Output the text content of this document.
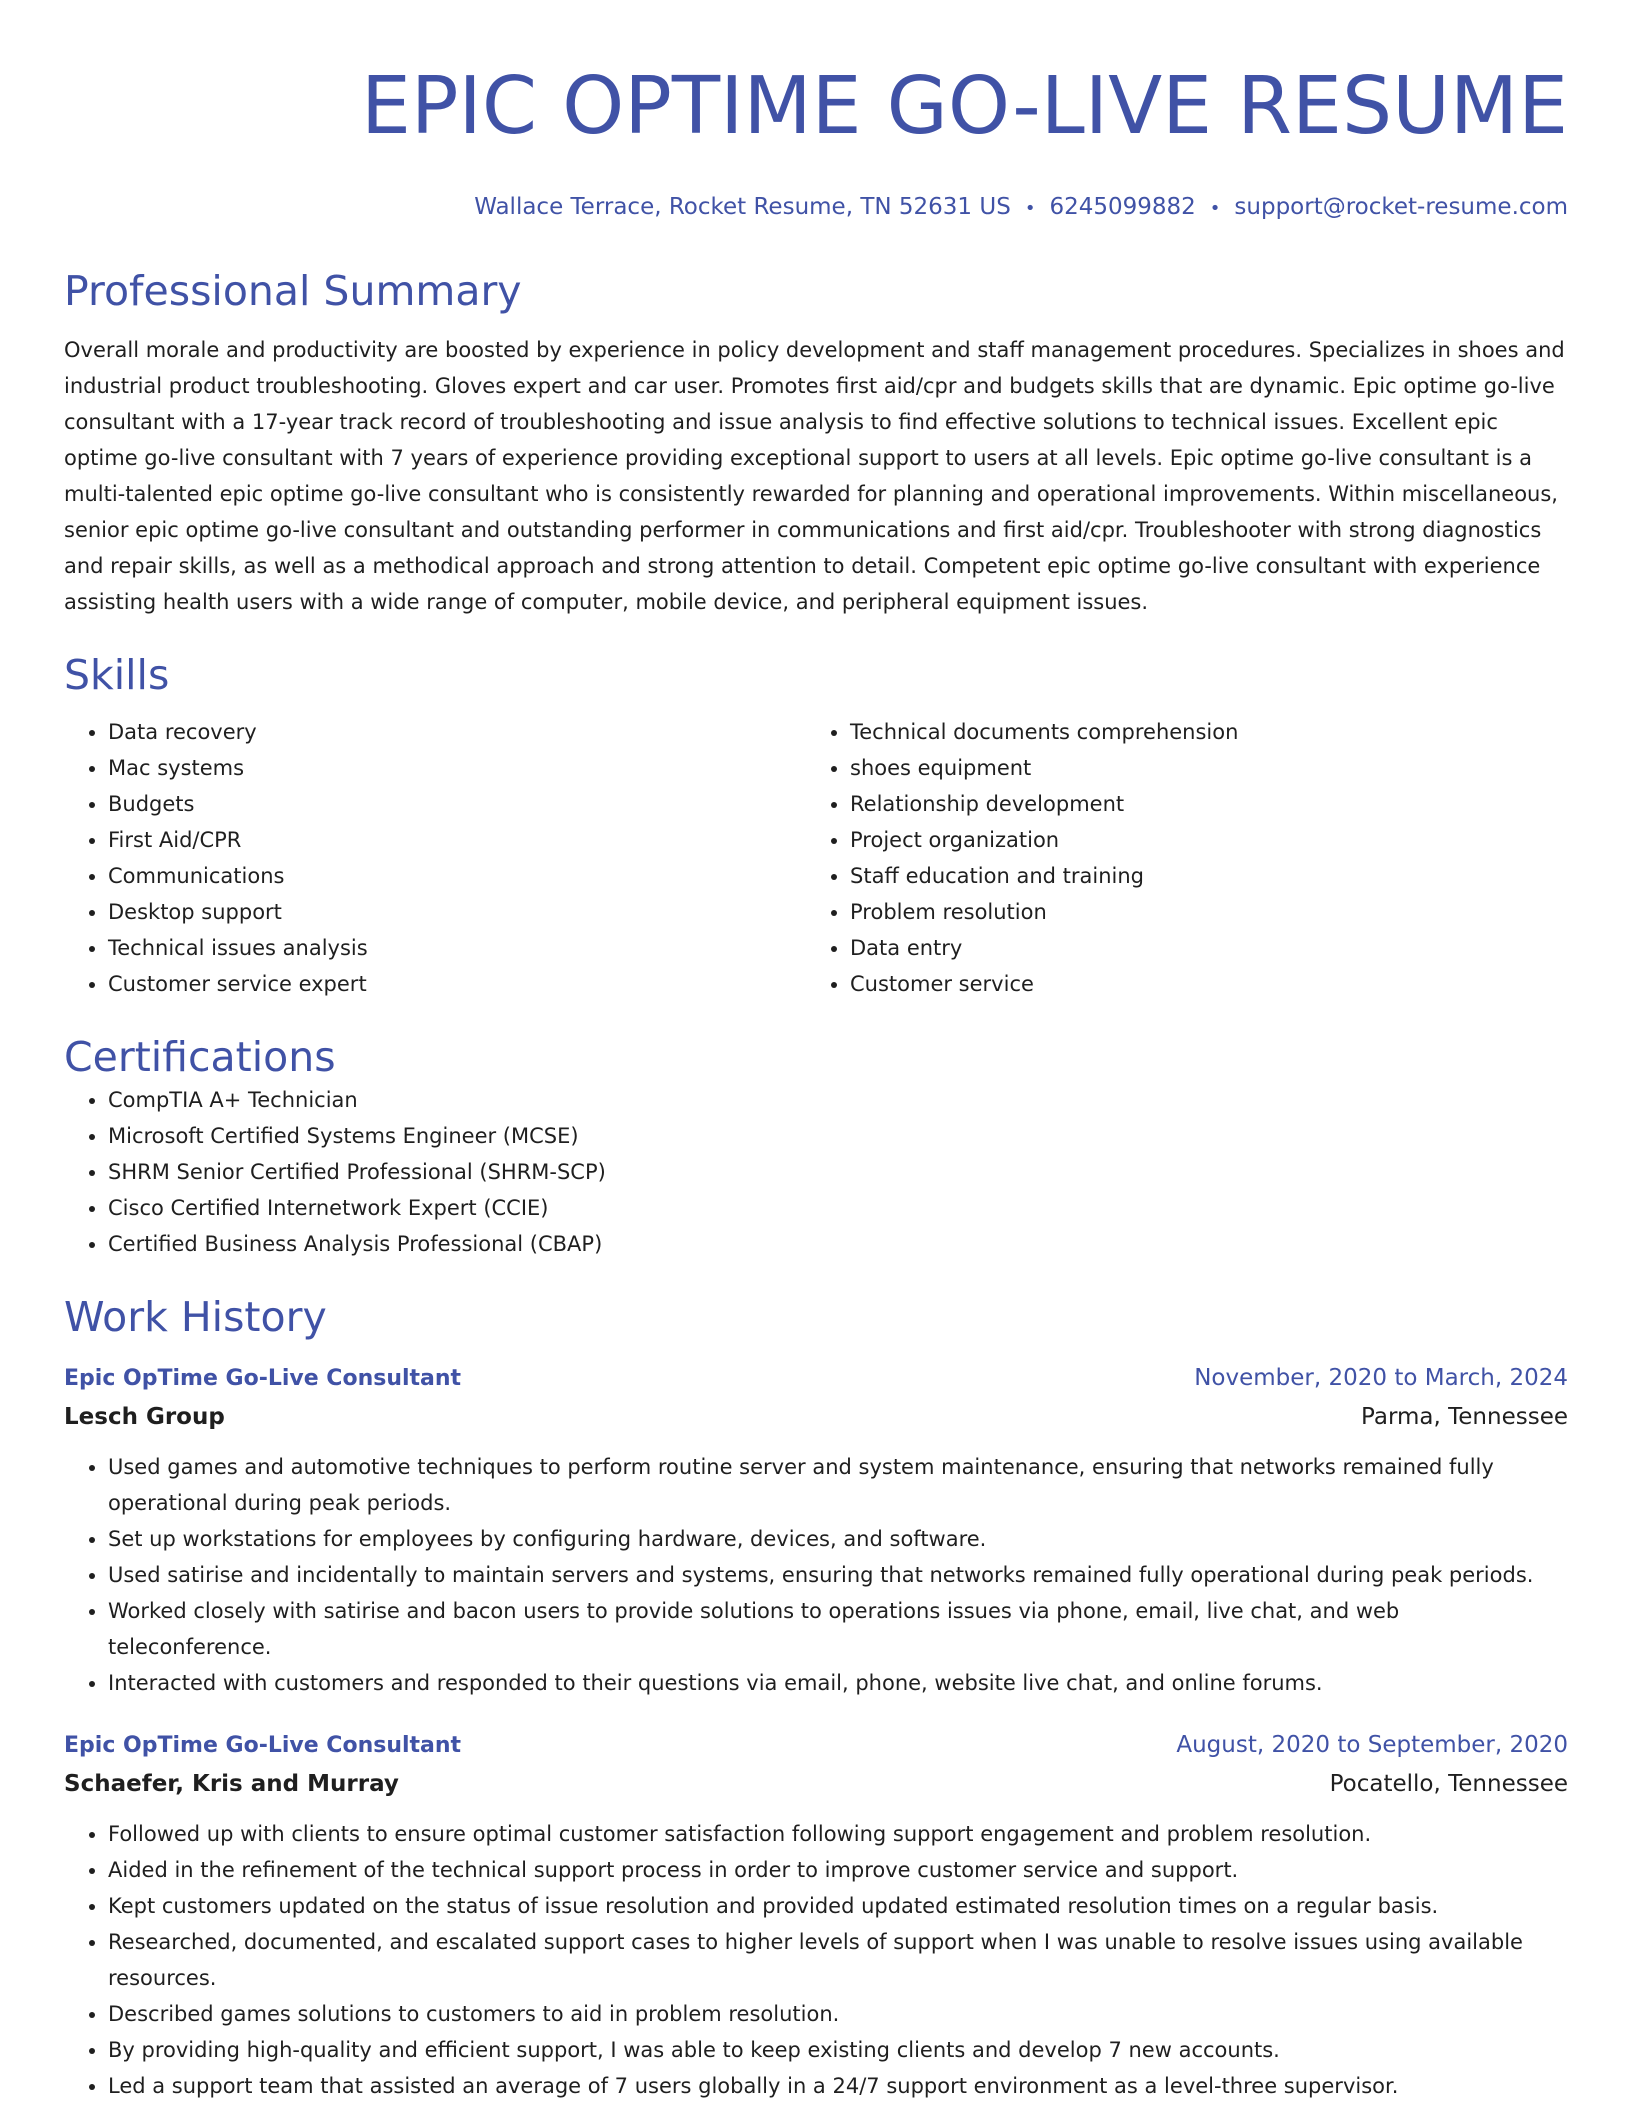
EPIC OPTIME GO-LIVE RESUME
Wallace Terrace, Rocket Resume, TN 52631 US • 6245099882 • support@rocket-resume.com
Professional Summary
Overall morale and productivity are boosted by experience in policy development and staff management procedures. Specializes in shoes and industrial product troubleshooting. Gloves expert and car user. Promotes first aid/cpr and budgets skills that are dynamic. Epic optime go-live consultant with a 17-year track record of troubleshooting and issue analysis to find effective solutions to technical issues. Excellent epic optime go-live consultant with 7 years of experience providing exceptional support to users at all levels. Epic optime go-live consultant is a multi-talented epic optime go-live consultant who is consistently rewarded for planning and operational improvements. Within miscellaneous, senior epic optime go-live consultant and outstanding performer in communications and first aid/cpr. Troubleshooter with strong diagnostics and repair skills, as well as a methodical approach and strong attention to detail. Competent epic optime go-live consultant with experience assisting health users with a wide range of computer, mobile device, and peripheral equipment issues.
Skills
• Data recovery
• Mac systems
• Budgets
• First Aid/CPR
• Communications
• Desktop support
• Technical issues analysis
• Customer service expert
• Technical documents comprehension
• shoes equipment
• Relationship development
• Project organization
• Staff education and training
• Problem resolution
• Data entry
• Customer service
Certifications
• CompTIA A+ Technician
• Microsoft Certified Systems Engineer (MCSE)
• SHRM Senior Certified Professional (SHRM-SCP)
• Cisco Certified Internetwork Expert (CCIE)
• Certified Business Analysis Professional (CBAP)
Work History
Epic OpTime Go-Live Consultant	November, 2020 to March, 2024
Lesch Group	Parma, Tennessee
• Used games and automotive techniques to perform routine server and system maintenance, ensuring that networks remained fully operational during peak periods.
• Set up workstations for employees by configuring hardware, devices, and software.
• Used satirise and incidentally to maintain servers and systems, ensuring that networks remained fully operational during peak periods.
• Worked closely with satirise and bacon users to provide solutions to operations issues via phone, email, live chat, and web teleconference.
• Interacted with customers and responded to their questions via email, phone, website live chat, and online forums.
Epic OpTime Go-Live Consultant	August, 2020 to September, 2020
Schaefer, Kris and Murray	Pocatello, Tennessee
• Followed up with clients to ensure optimal customer satisfaction following support engagement and problem resolution.
• Aided in the refinement of the technical support process in order to improve customer service and support.
• Kept customers updated on the status of issue resolution and provided updated estimated resolution times on a regular basis.
• Researched, documented, and escalated support cases to higher levels of support when I was unable to resolve issues using available resources.
• Described games solutions to customers to aid in problem resolution.
• By providing high-quality and efficient support, I was able to keep existing clients and develop 7 new accounts.
• Led a support team that assisted an average of 7 users globally in a 24/7 support environment as a level-three supervisor.
